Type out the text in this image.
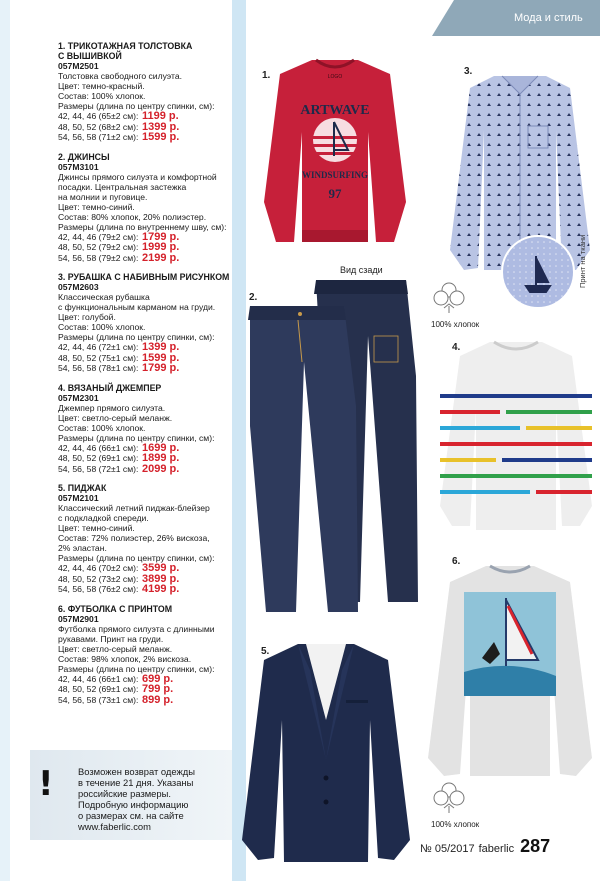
1. ТРИКОТАЖНАЯ ТОЛСТОВКА
С ВЫШИВКОЙ
057M2501
Толстовка свободного силуэта.
Цвет: темно-красный.
Состав: 100% хлопок.
Размеры (длина по центру спинки, см):
42, 44, 46 (65±2 см): 1199 р.
48, 50, 52 (68±2 см): 1399 р.
54, 56, 58 (71±2 см): 1599 р.
2. ДЖИНСЫ
057M3101
Джинсы прямого силуэта и комфортной
посадки. Центральная застежка
на молнии и пуговице.
Цвет: темно-синий.
Состав: 80% хлопок, 20% полиэстер.
Размеры (длина по внутреннему шву, см):
42, 44, 46 (79±2 см): 1799 р.
48, 50, 52 (79±2 см): 1999 р.
54, 56, 58 (79±2 см): 2199 р.
3. РУБАШКА С НАБИВНЫМ РИСУНКОМ
057M2603
Классическая рубашка
с функциональным карманом на груди.
Цвет: голубой.
Состав: 100% хлопок.
Размеры (длина по центру спинки, см):
42, 44, 46 (72±1 см): 1399 р.
48, 50, 52 (75±1 см): 1599 р.
54, 56, 58 (78±1 см): 1799 р.
4. ВЯЗАНЫЙ ДЖЕМПЕР
057M2301
Джемпер прямого силуэта.
Цвет: светло-серый меланж.
Состав: 100% хлопок.
Размеры (длина по центру спинки, см):
42, 44, 46 (66±1 см): 1699 р.
48, 50, 52 (69±1 см): 1899 р.
54, 56, 58 (72±1 см): 2099 р.
5. ПИДЖАК
057M2101
Классический летний пиджак-блейзер
с подкладкой спереди.
Цвет: темно-синий.
Состав: 72% полиэстер, 26% вискоза,
2% эластан.
Размеры (длина по центру спинки, см):
42, 44, 46 (70±2 см): 3599 р.
48, 50, 52 (73±2 см): 3899 р.
54, 56, 58 (76±2 см): 4199 р.
6. ФУТБОЛКА С ПРИНТОМ
057M2901
Футболка прямого силуэта с длинными
рукавами. Принт на груди.
Цвет: светло-серый меланж.
Состав: 98% хлопок, 2% вискоза.
Размеры (длина по центру спинки, см):
42, 44, 46 (66±1 см): 699 р.
48, 50, 52 (69±1 см): 799 р.
54, 56, 58 (73±1 см): 899 р.
!	Возможен возврат одежды
в течение 21 дня. Указаны
российские размеры.
Подробную информацию
о размерах см. на сайте
www.faberlic.com
Мода и стиль
1.	LOGO
ARTWAVE
WINDSURFING
97
3.
Принт на ткани
100% хлопок
2.
Вид сзади
4.
6.
5.
100% хлопок
№ 05/2017 faberlic 287
